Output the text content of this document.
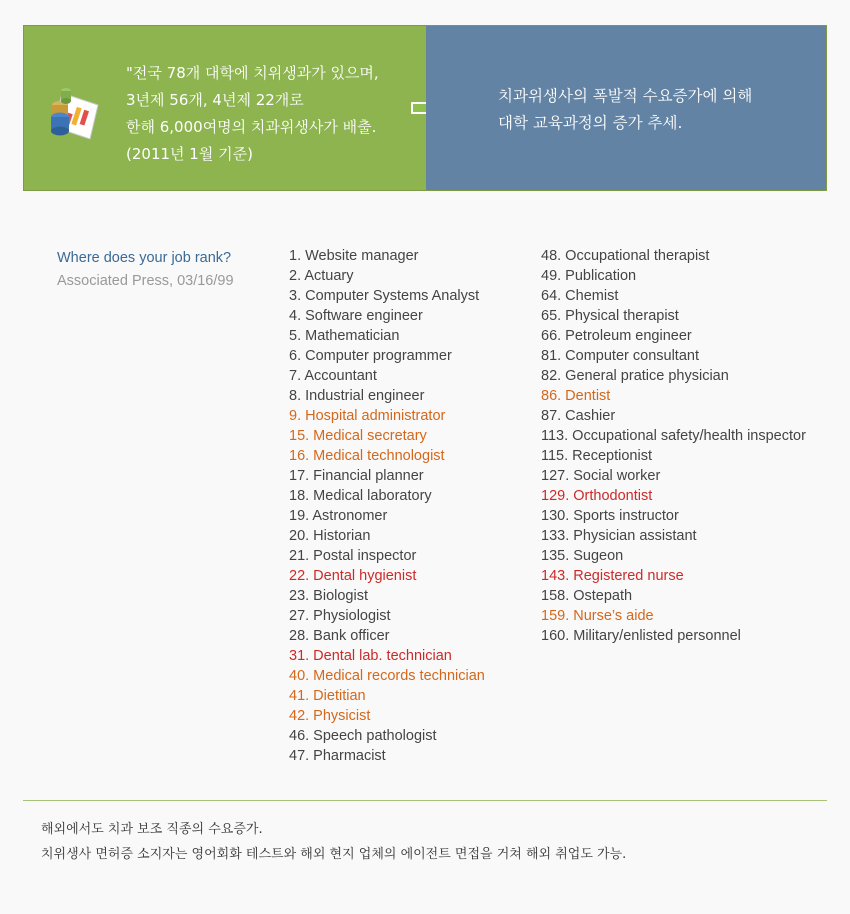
"전국 78개 대학에 치위생과가 있으며,
3년제 56개, 4년제 22개로
한해 6,000여명의 치과위생사가 배출.
(2011년 1월 기준)
치과위생사의 폭발적 수요증가에 의해
대학 교육과정의 증가 추세.
Where does your job rank?
Associated Press, 03/16/99
1. Website manager
2. Actuary
3. Computer Systems Analyst
4. Software engineer
5. Mathematician
6. Computer programmer
7. Accountant
8. Industrial engineer
9. Hospital administrator
15. Medical secretary
16. Medical technologist
17. Financial planner
18. Medical laboratory
19. Astronomer
20. Historian
21. Postal inspector
22. Dental hygienist
23. Biologist
27. Physiologist
28. Bank officer
31. Dental lab. technician
40. Medical records technician
41. Dietitian
42. Physicist
46. Speech pathologist
47. Pharmacist
48. Occupational therapist
49. Publication
64. Chemist
65. Physical therapist
66. Petroleum engineer
81. Computer consultant
82. General pratice physician
86. Dentist
87. Cashier
113. Occupational safety/health inspector
115. Receptionist
127. Social worker
129. Orthodontist
130. Sports instructor
133. Physician assistant
135. Sugeon
143. Registered nurse
158. Ostepath
159. Nurse’s aide
160. Military/enlisted personnel
해외에서도 치과 보조 직종의 수요증가.
치위생사 면허증 소지자는 영어회화 테스트와 해외 현지 업체의 에이전트 면접을 거쳐 해외 취업도 가능.
